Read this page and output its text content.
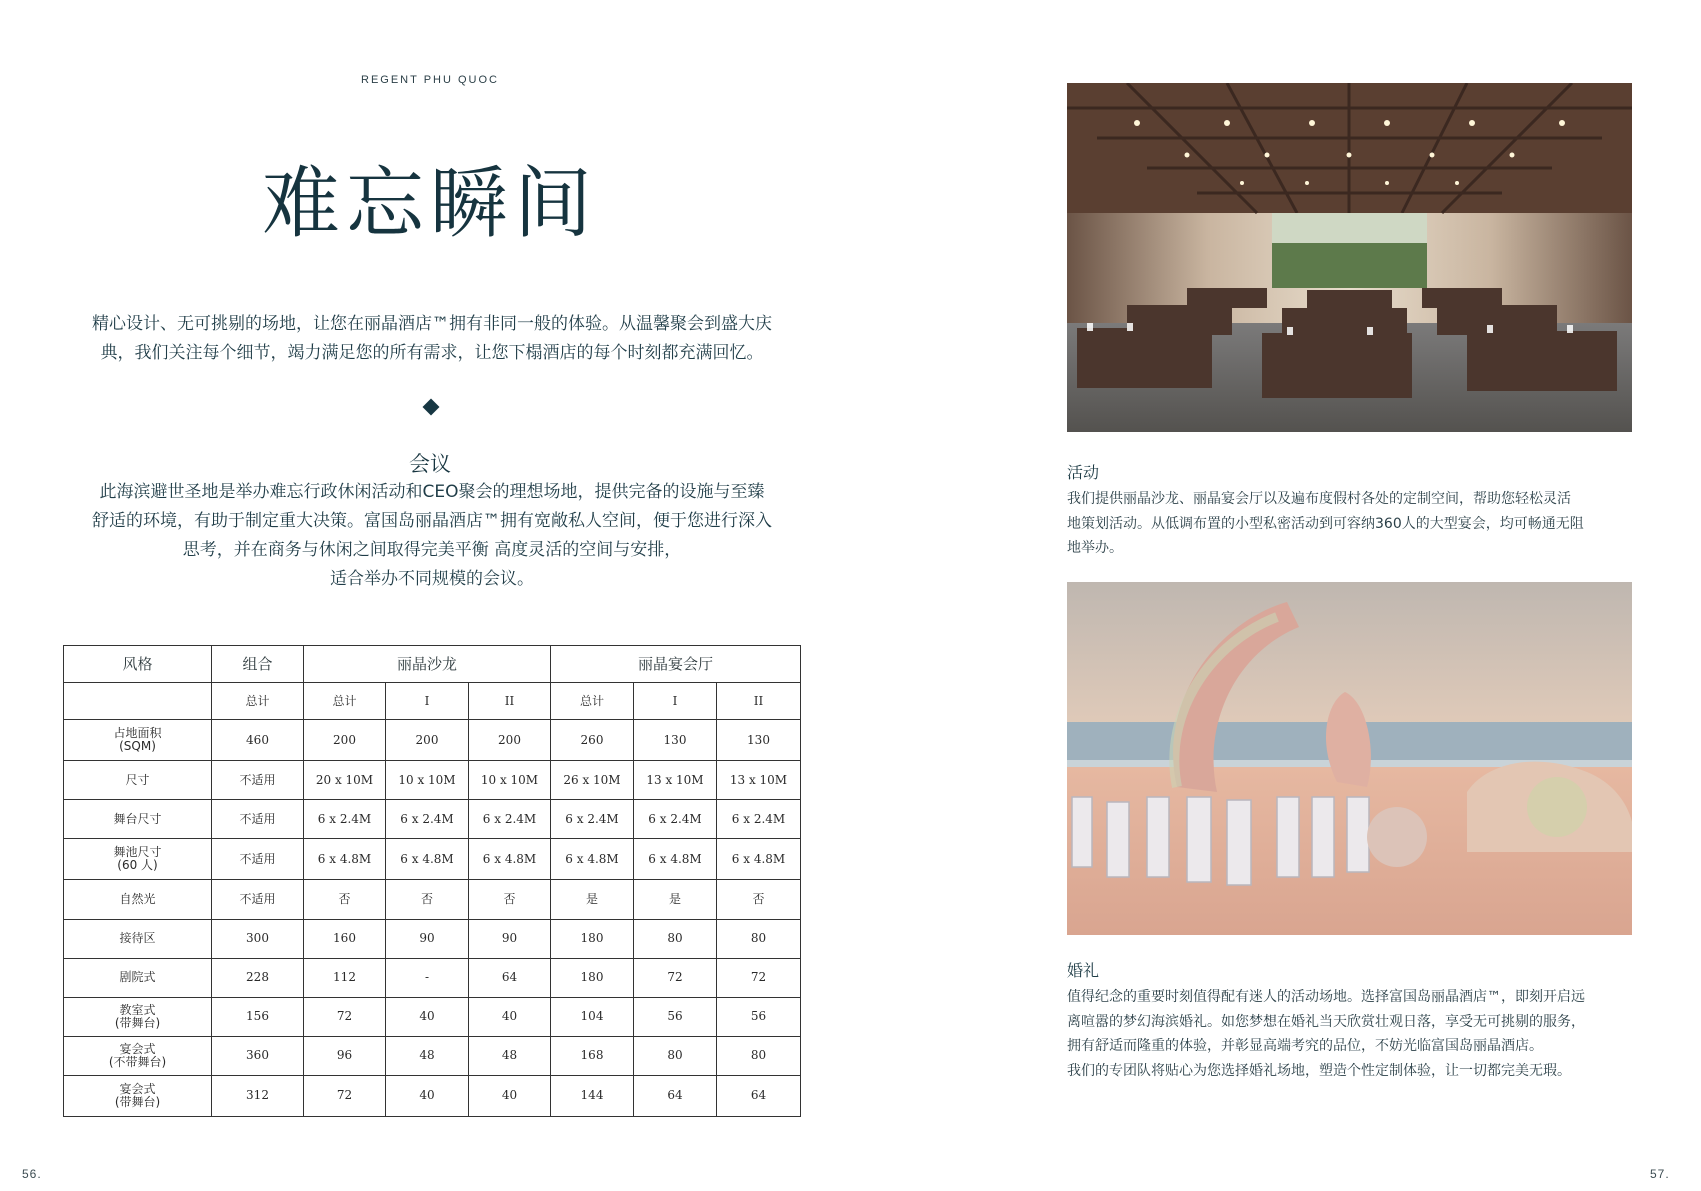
REGENT PHU QUOC
难忘瞬间
精心设计、无可挑剔的场地，让您在丽晶酒店™拥有非同一般的体验。从温馨聚会到盛大庆
典，我们关注每个细节，竭力满足您的所有需求，让您下榻酒店的每个时刻都充满回忆。
会议
此海滨避世圣地是举办难忘行政休闲活动和CEO聚会的理想场地，提供完备的设施与至臻
舒适的环境，有助于制定重大决策。富国岛丽晶酒店™拥有宽敞私人空间，便于您进行深入
思考，并在商务与休闲之间取得完美平衡 高度灵活的空间与安排，
适合举办不同规模的会议。
风格	组合	丽晶沙龙			丽晶宴会厅		
	总计	总计	I	II	总计	I	II

占地面积
(SQM)	460	200	200	200	260	130	130

尺寸	不适用	20 x 10M	10 x 10M	10 x 10M	26 x 10M	13 x 10M	13 x 10M

舞台尺寸	不适用	6 x 2.4M	6 x 2.4M	6 x 2.4M	6 x 2.4M	6 x 2.4M	6 x 2.4M

舞池尺寸
(60 人)	不适用	6 x 4.8M	6 x 4.8M	6 x 4.8M	6 x 4.8M	6 x 4.8M	6 x 4.8M

自然光	不适用	否	否	否	是	是	否

接待区	300	160	90	90	180	80	80

剧院式	228	112	-	64	180	72	72

教室式
(带舞台)	156	72	40	40	104	56	56

宴会式
(不带舞台)	360	96	48	48	168	80	80

宴会式
(带舞台)	312	72	40	40	144	64	64
56.	57.
活动

我们提供丽晶沙龙、丽晶宴会厅以及遍布度假村各处的定制空间，帮助您轻松灵活

地策划活动。从低调布置的小型私密活动到可容纳360人的大型宴会，均可畅通无阻

地举办。

婚礼

值得纪念的重要时刻值得配有迷人的活动场地。选择富国岛丽晶酒店™，即刻开启远

离喧嚣的梦幻海滨婚礼。如您梦想在婚礼当天欣赏壮观日落，享受无可挑剔的服务，

拥有舒适而隆重的体验，并彰显高端考究的品位，不妨光临富国岛丽晶酒店。

我们的专团队将贴心为您选择婚礼场地，塑造个性定制体验，让一切都完美无瑕。
